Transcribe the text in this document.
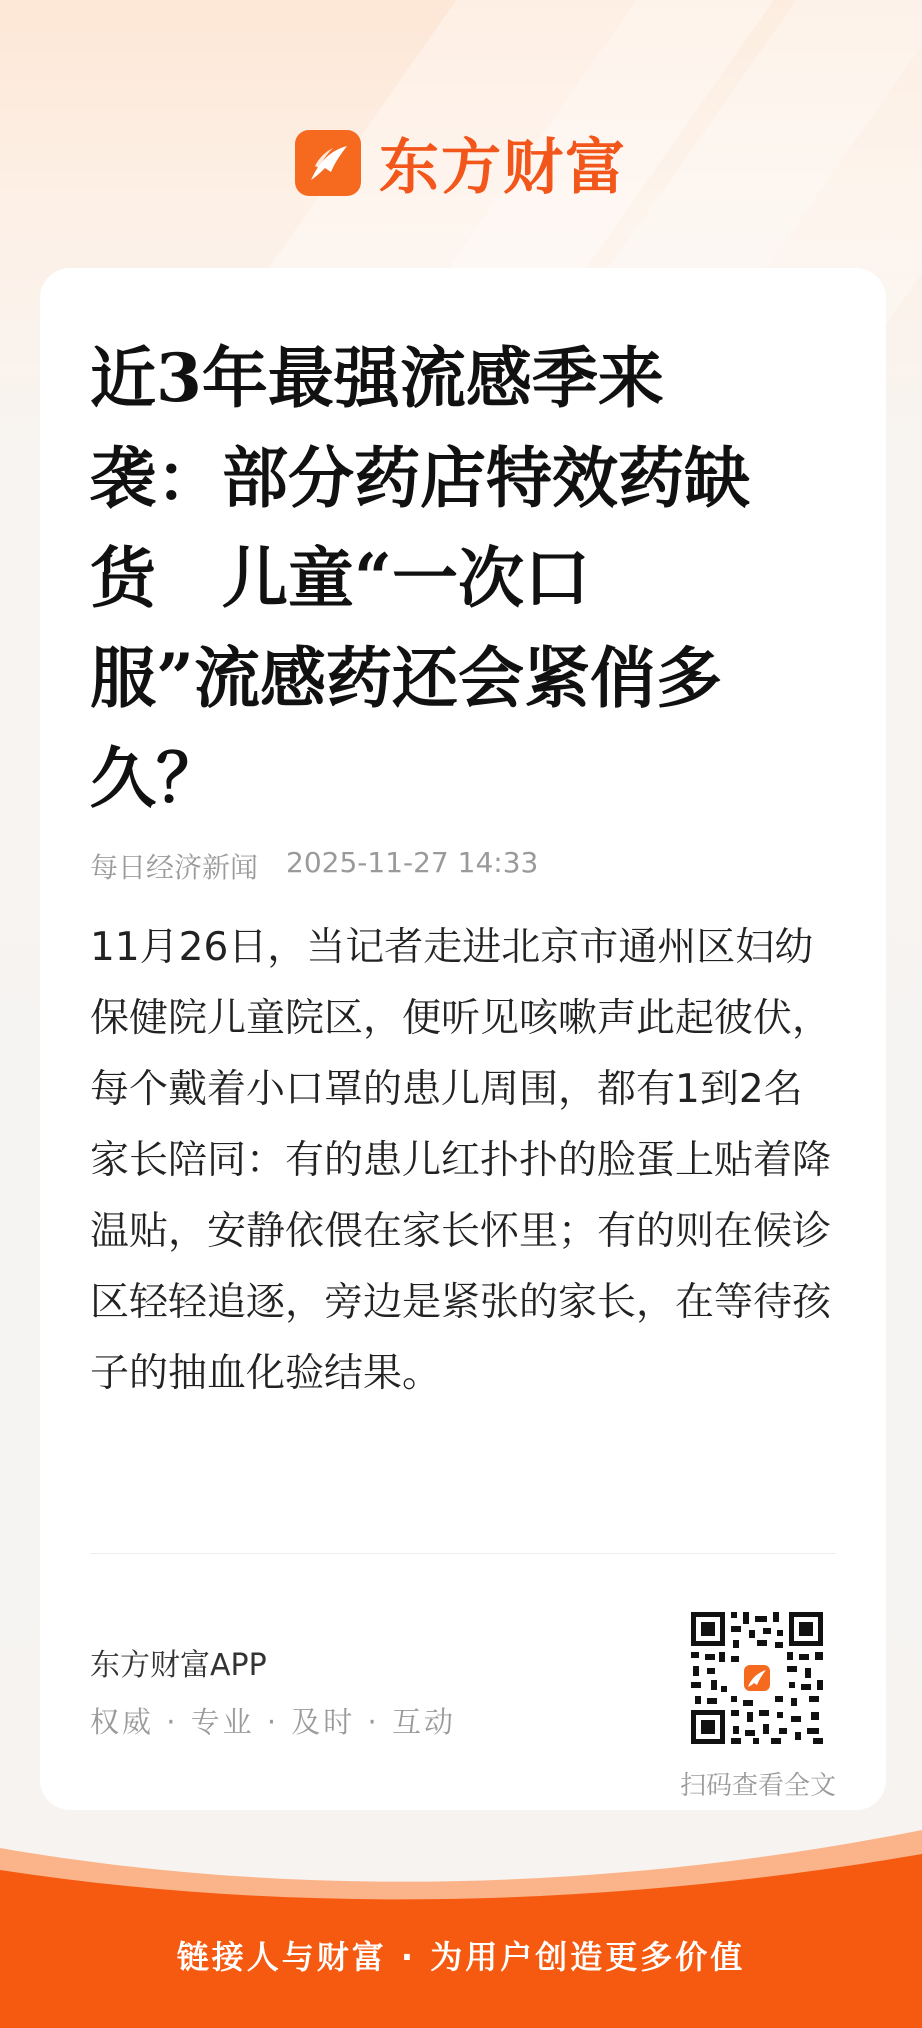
东方财富
近3年最强流感季来
袭：部分药店特效药缺
货　儿童“一次口
服”流感药还会紧俏多
久？
每日经济新闻 2025-11-27 14:33

11月26日，当记者走进北京市通州区妇幼保健院儿童院区，便听见咳嗽声此起彼伏，每个戴着小口罩的患儿周围，都有1到2名家长陪同：有的患儿红扑扑的脸蛋上贴着降温贴，安静依偎在家长怀里；有的则在候诊区轻轻追逐，旁边是紧张的家长，在等待孩子的抽血化验结果。

东方财富APP
权威 · 专业 · 及时 · 互动
扫码查看全文
链接人与财富 · 为用户创造更多价值
